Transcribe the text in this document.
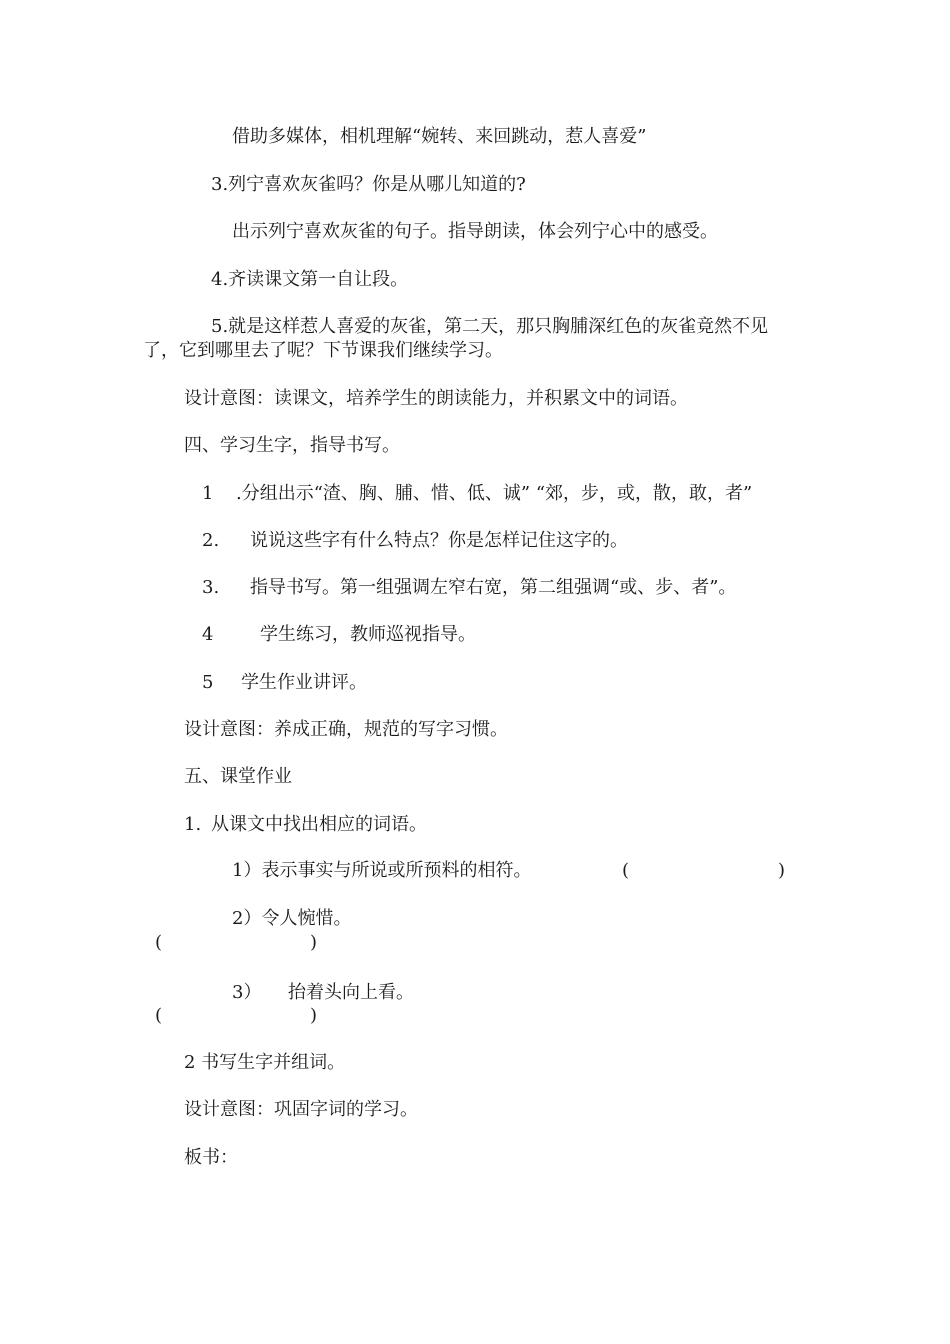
借助多媒体，相机理解“婉转、来回跳动，惹人喜爱”
3.列宁喜欢灰雀吗？你是从哪儿知道的?
出示列宁喜欢灰雀的句子。指导朗读，体会列宁心中的感受。
4.齐读课文第一自让段。
5.就是这样惹人喜爱的灰雀，第二天，那只胸脯深红色的灰雀竟然不见
了，它到哪里去了呢？下节课我们继续学习。
设计意图：读课文，培养学生的朗读能力，并积累文中的词语。
四、学习生字，指导书写。
1 .分组出示“渣、胸、脯、惜、低、诚” “郊，步，或，散，敢，者”
2. 说说这些字有什么特点？你是怎样记住这字的。
3. 指导书写。第一组强调左窄右宽，第二组强调“或、步、者”。
4	学生练习，教师巡视指导。
5 学生作业讲评。
设计意图：养成正确，规范的写字习惯。
五、课堂作业
1. 从课文中找出相应的词语。
1）表示事实与所说或所预料的相符。	(	)
2）令人惋惜。
(	)
3） 抬着头向上看。
(	)
2 书写生字并组词。
设计意图：巩固字词的学习。
板书：
